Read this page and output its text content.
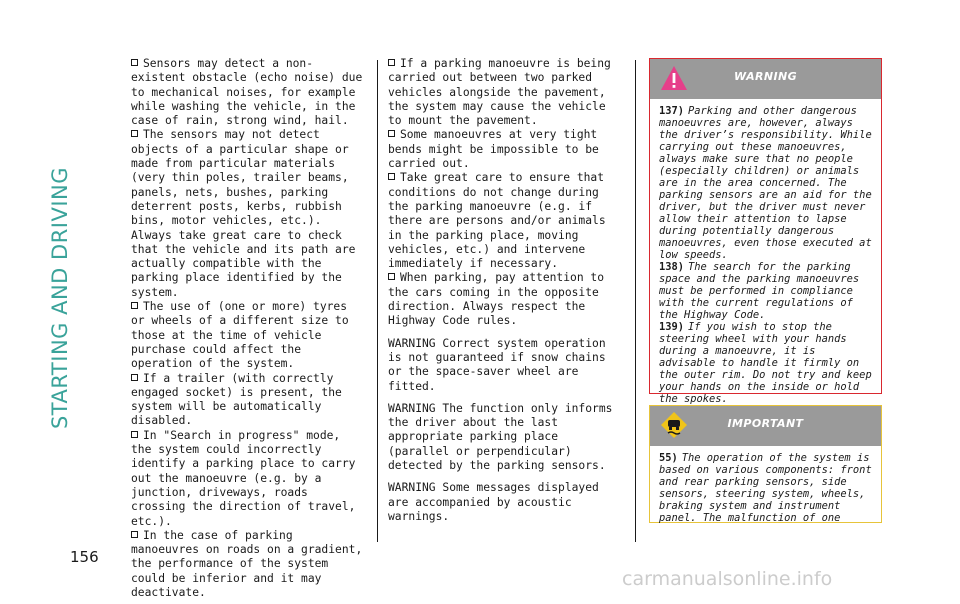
STARTING AND DRIVING
156

Sensors may detect a non-existent obstacle (echo noise) due to mechanical noises, for example while washing the vehicle, in the case of rain, strong wind, hail.

The sensors may not detect objects of a particular shape or made from particular materials (very thin poles, trailer beams, panels, nets, bushes, parking deterrent posts, kerbs, rubbish bins, motor vehicles, etc.). Always take great care to check that the vehicle and its path are actually compatible with the parking place identified by the system.

The use of (one or more) tyres or wheels of a different size to those at the time of vehicle purchase could affect the operation of the system.

If a trailer (with correctly engaged socket) is present, the system will be automatically disabled.

In "Search in progress" mode, the system could incorrectly identify a parking place to carry out the manoeuvre (e.g. by a junction, driveways, roads crossing the direction of travel, etc.).

In the case of parking manoeuvres on roads on a gradient, the performance of the system could be inferior and it may deactivate.

If a parking manoeuvre is being carried out between two parked vehicles alongside the pavement, the system may cause the vehicle to mount the pavement.

Some manoeuvres at very tight bends might be impossible to be carried out.

Take great care to ensure that conditions do not change during the parking manoeuvre (e.g. if there are persons and/or animals in the parking place, moving vehicles, etc.) and intervene immediately if necessary.

When parking, pay attention to the cars coming in the opposite direction. Always respect the Highway Code rules.

WARNING Correct system operation is not guaranteed if snow chains or the space-saver wheel are fitted.

WARNING The function only informs the driver about the last appropriate parking place (parallel or perpendicular) detected by the parking sensors.

WARNING Some messages displayed are accompanied by acoustic warnings.

WARNING

137) Parking and other dangerous manoeuvres are, however, always the driver’s responsibility. While carrying out these manoeuvres, always make sure that no people (especially children) or animals are in the area concerned. The parking sensors are an aid for the driver, but the driver must never allow their attention to lapse during potentially dangerous manoeuvres, even those executed at low speeds.

138) The search for the parking space and the parking manoeuvres must be performed in compliance with the current regulations of the Highway Code.

139) If you wish to stop the steering wheel with your hands during a manoeuvre, it is advisable to handle it firmly on the outer rim. Do not try and keep your hands on the inside or hold the spokes.

IMPORTANT

55) The operation of the system is based on various components: front and rear parking sensors, side sensors, steering system, wheels, braking system and instrument panel. The malfunction of one

carmanualsonline.info
